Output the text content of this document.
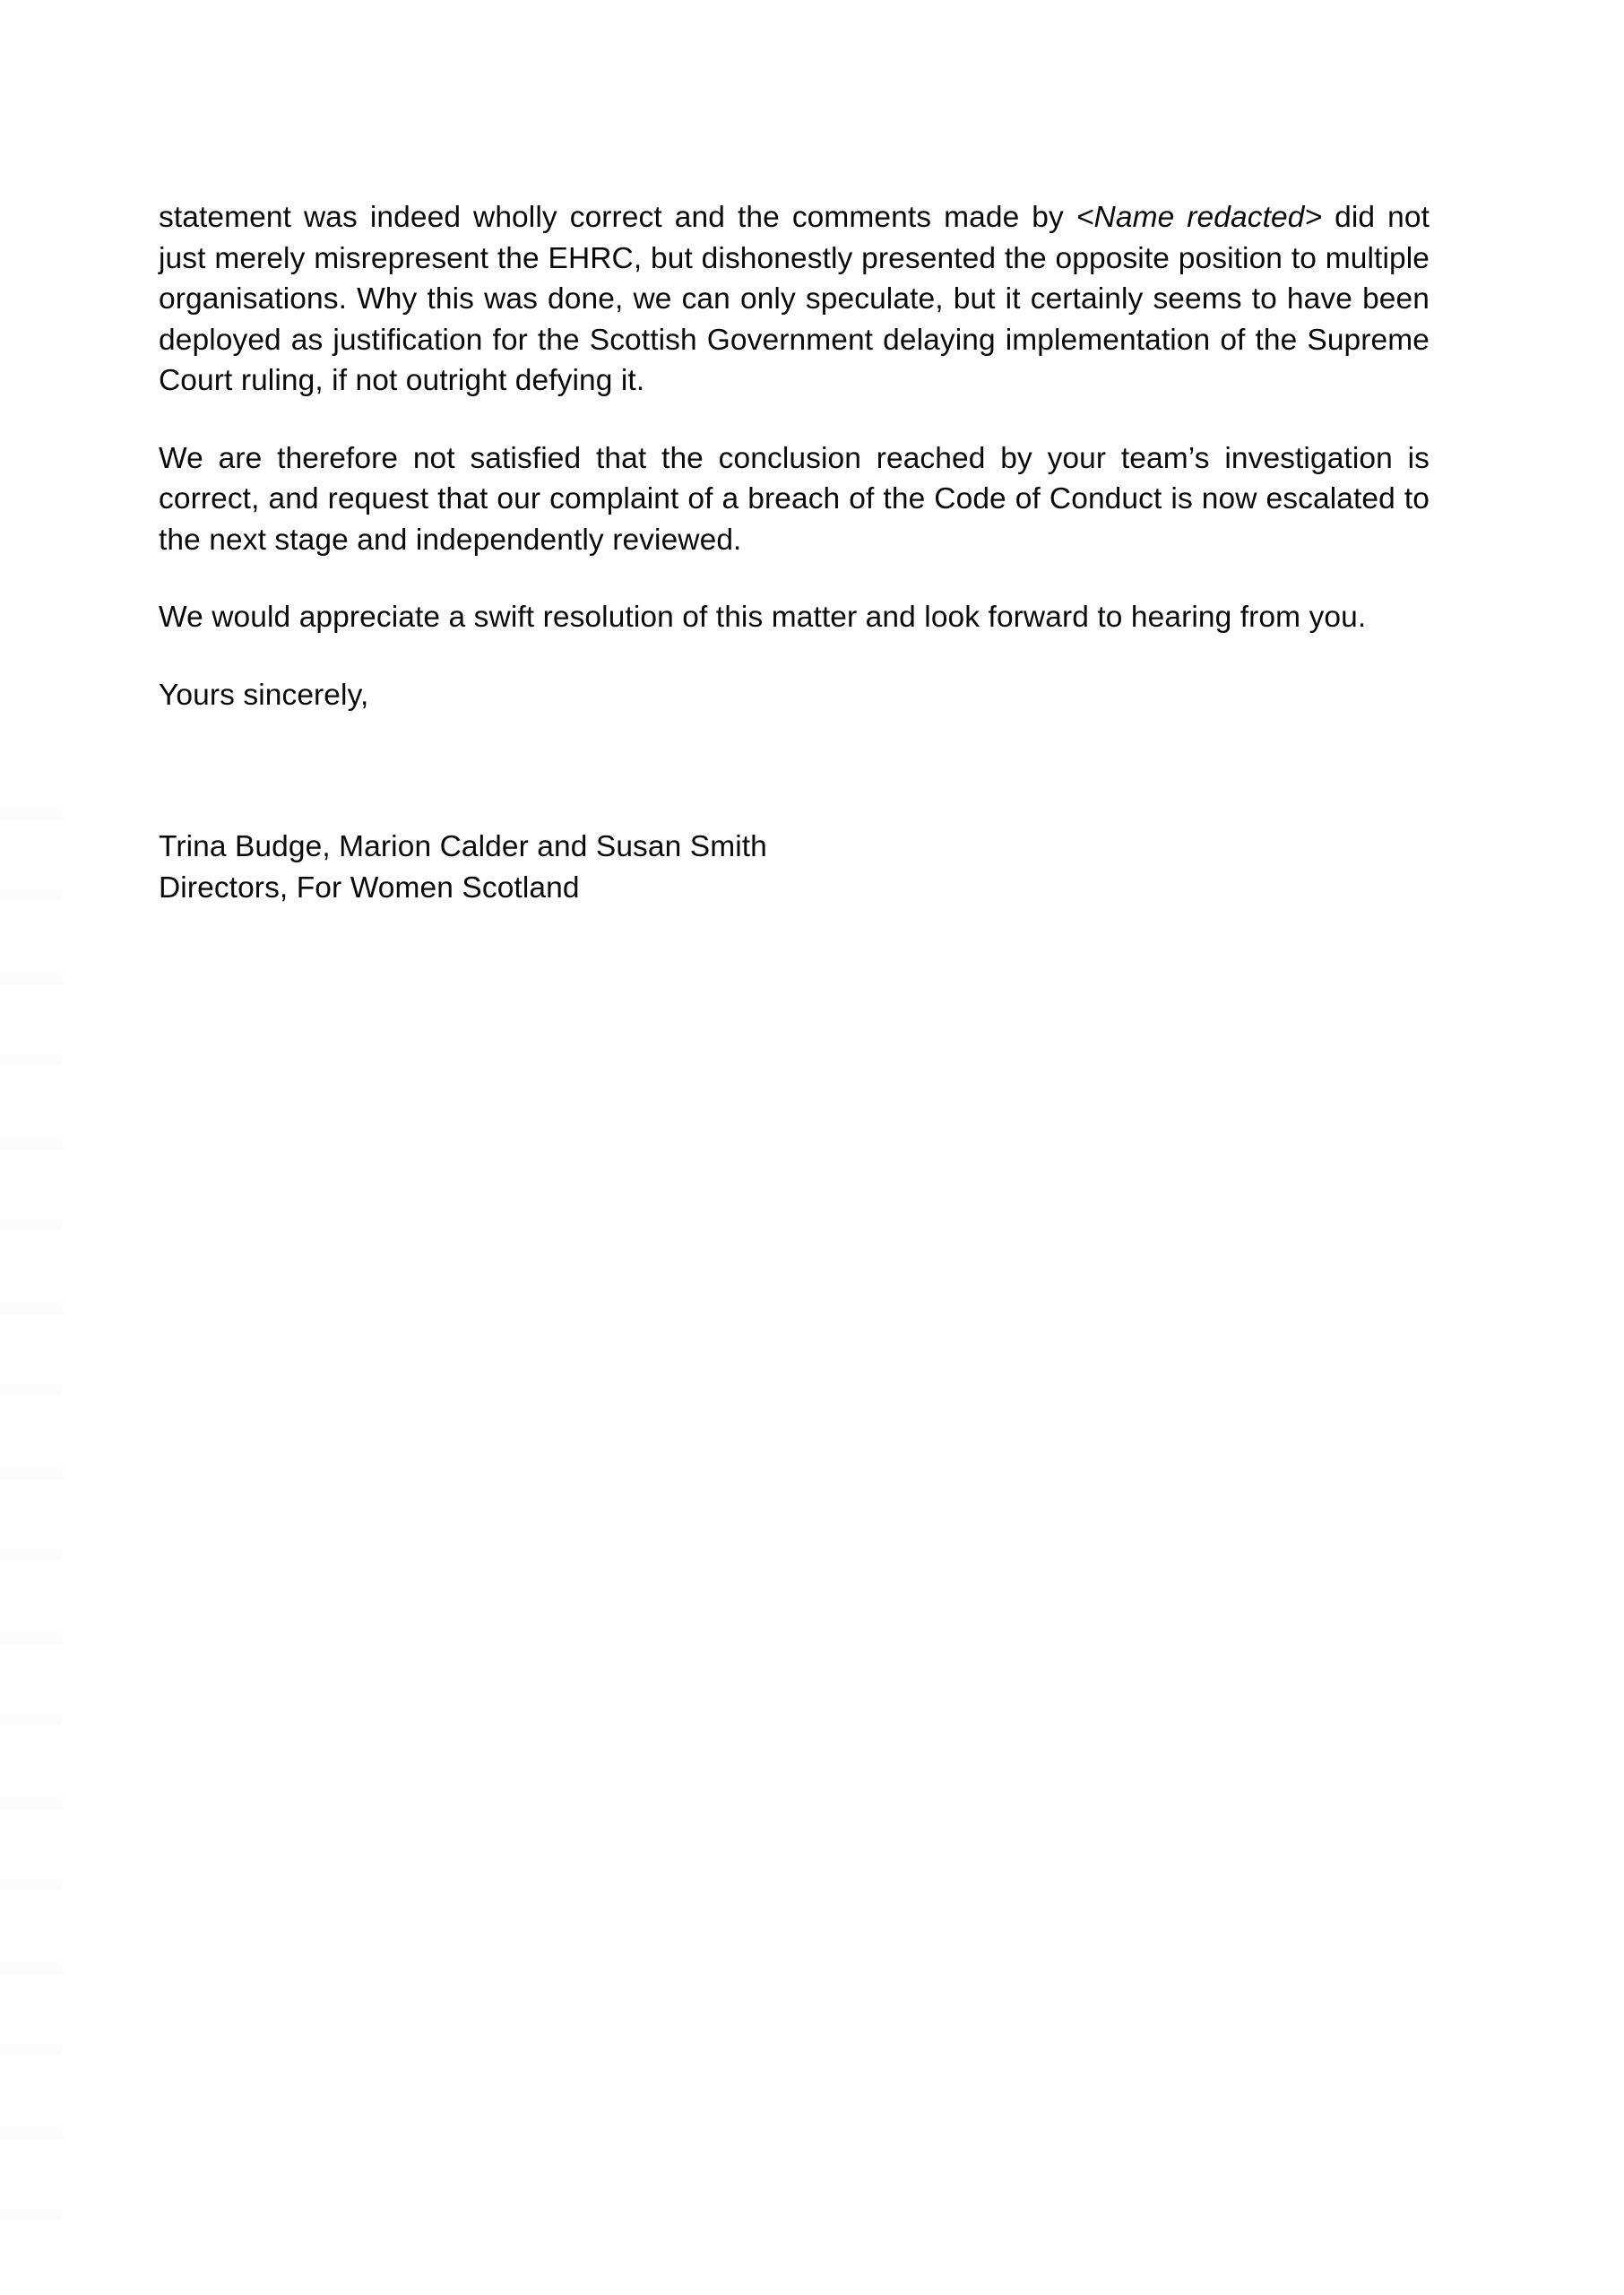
statement was indeed wholly correct and the comments made by <Name redacted> did not just merely misrepresent the EHRC, but dishonestly presented the opposite position to multiple organisations. Why this was done, we can only speculate, but it certainly seems to have been deployed as justification for the Scottish Government delaying implementation of the Supreme Court ruling, if not outright defying it.

We are therefore not satisfied that the conclusion reached by your team’s investigation is correct, and request that our complaint of a breach of the Code of Conduct is now escalated to the next stage and independently reviewed.

We would appreciate a swift resolution of this matter and look forward to hearing from you.

Yours sincerely,

Trina Budge, Marion Calder and Susan Smith

Directors, For Women Scotland
